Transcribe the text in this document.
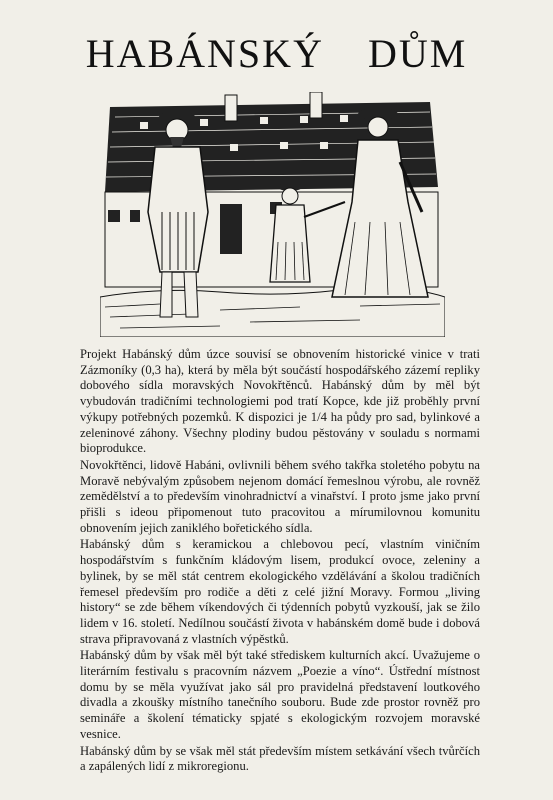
HABÁNSKÝ DŮM

Projekt Habánský dům úzce souvisí se obnovením historické vinice v trati Zázmoníky (0,3 ha), která by měla být součástí hospodářského zázemí repliky dobového sídla moravských Novokřtěnců. Habánský dům by měl být vybudován tradičními technologiemi pod tratí Kopce, kde již proběhly první výkupy potřebných pozemků. K dispozici je 1/4 ha půdy pro sad, bylinkové a zeleninové záhony. Všechny plodiny budou pěstovány v souladu s normami bioprodukce.

Novokřtěnci, lidově Habáni, ovlivnili během svého takřka stoletého pobytu na Moravě nebývalým způsobem nejenom domácí řemeslnou výrobu, ale rovněž zemědělství a to především vinohradnictví a vinařství. I proto jsme jako první přišli s ideou připomenout tuto pracovitou a mírumilovnou komunitu obnovením jejich zaniklého bořetického sídla.

Habánský dům s keramickou a chlebovou pecí, vlastním viničním hospodářstvím s funkčním kládovým lisem, produkcí ovoce, zeleniny a bylinek, by se měl stát centrem ekologického vzdělávání a školou tradičních řemesel především pro rodiče a děti z celé jižní Moravy. Formou „living history“ se zde během víkendových či týdenních pobytů vyzkouší, jak se žilo lidem v 16. století. Nedílnou součástí života v habánském domě bude i dobová strava připravovaná z vlastních výpěstků.

Habánský dům by však měl být také střediskem kulturních akcí. Uvažujeme o literárním festivalu s pracovním názvem „Poezie a víno“. Ústřední místnost domu by se měla využívat jako sál pro pravidelná představení loutkového divadla a zkoušky místního tanečního souboru. Bude zde prostor rovněž pro semináře a školení tématicky spjaté s ekologickým rozvojem moravské vesnice.

Habánský dům by se však měl stát především místem setkávání všech tvůrčích a zapálených lidí z mikroregionu.
